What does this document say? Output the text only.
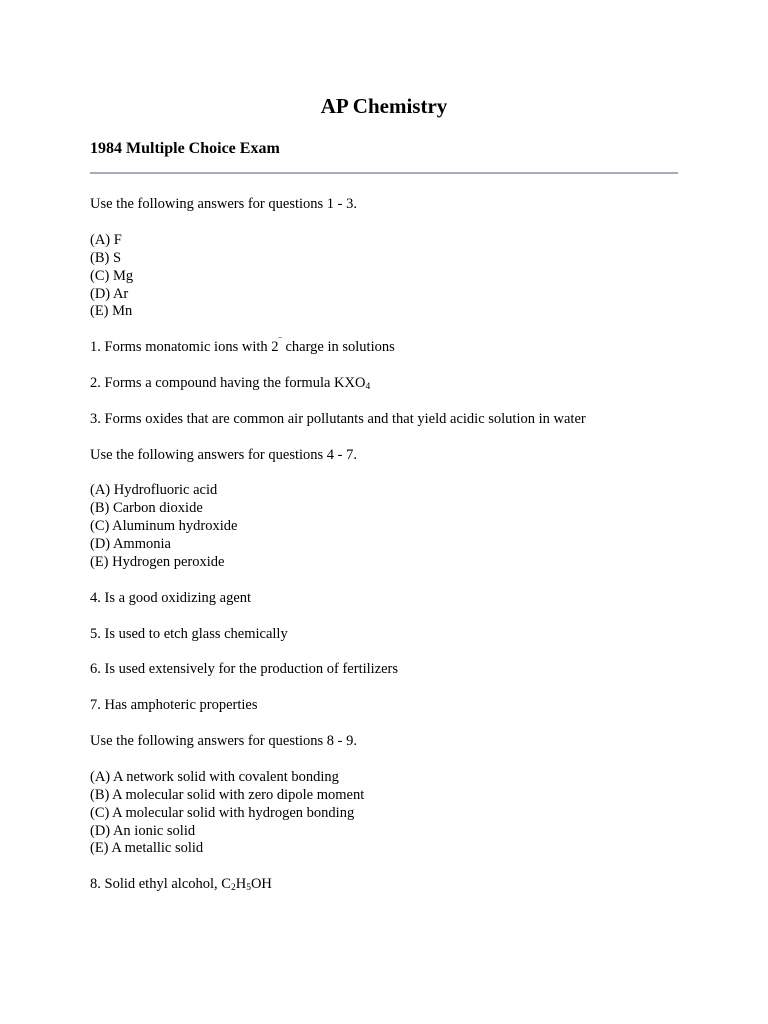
AP Chemistry
1984 Multiple Choice Exam

Use the following answers for questions 1 - 3.

(A) F

(B) S

(C) Mg

(D) Ar

(E) Mn

1. Forms monatomic ions with 2‾ charge in solutions

2. Forms a compound having the formula $KXO_4$

3. Forms oxides that are common air pollutants and that yield acidic solution in water

Use the following answers for questions 4 - 7.

(A) Hydrofluoric acid

(B) Carbon dioxide

(C) Aluminum hydroxide

(D) Ammonia

(E) Hydrogen peroxide

4. Is a good oxidizing agent

5. Is used to etch glass chemically

6. Is used extensively for the production of fertilizers

7. Has amphoteric properties

Use the following answers for questions 8 - 9.

(A) A network solid with covalent bonding

(B) A molecular solid with zero dipole moment

(C) A molecular solid with hydrogen bonding

(D) An ionic solid

(E) A metallic solid

8. Solid ethyl alcohol, $C_2H_5OH$
